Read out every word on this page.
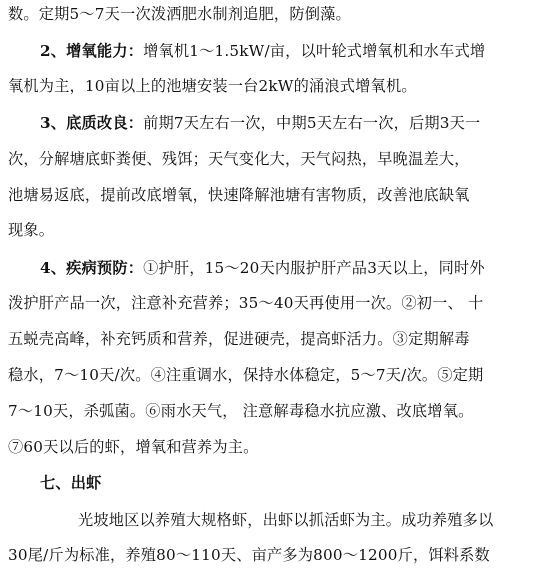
数。定期5～7天一次泼洒肥水制剂追肥，防倒藻。
2、增氧能力：增氧机1～1.5kW/亩，以叶轮式增氧机和水车式增
氧机为主，10亩以上的池塘安装一台2kW的涌浪式增氧机。
3、底质改良：前期7天左右一次，中期5天左右一次，后期3天一
次，分解塘底虾粪便、残饵；天气变化大，天气闷热，早晚温差大，
池塘易返底，提前改底增氧，快速降解池塘有害物质，改善池底缺氧
现象。
4、疾病预防：①护肝，15～20天内服护肝产品3天以上，同时外
泼护肝产品一次，注意补充营养；35～40天再使用一次。②初一、 十
五蜕壳高峰，补充钙质和营养，促进硬壳，提高虾活力。③定期解毒
稳水，7～10天/次。④注重调水，保持水体稳定，5～7天/次。⑤定期
7～10天，杀弧菌。⑥雨水天气， 注意解毒稳水抗应激、改底增氧。
⑦60天以后的虾，增氧和营养为主。
七、出虾
光坡地区以养殖大规格虾，出虾以抓活虾为主。成功养殖多以
30尾/斤为标准，养殖80～110天、亩产多为800～1200斤，饵料系数
